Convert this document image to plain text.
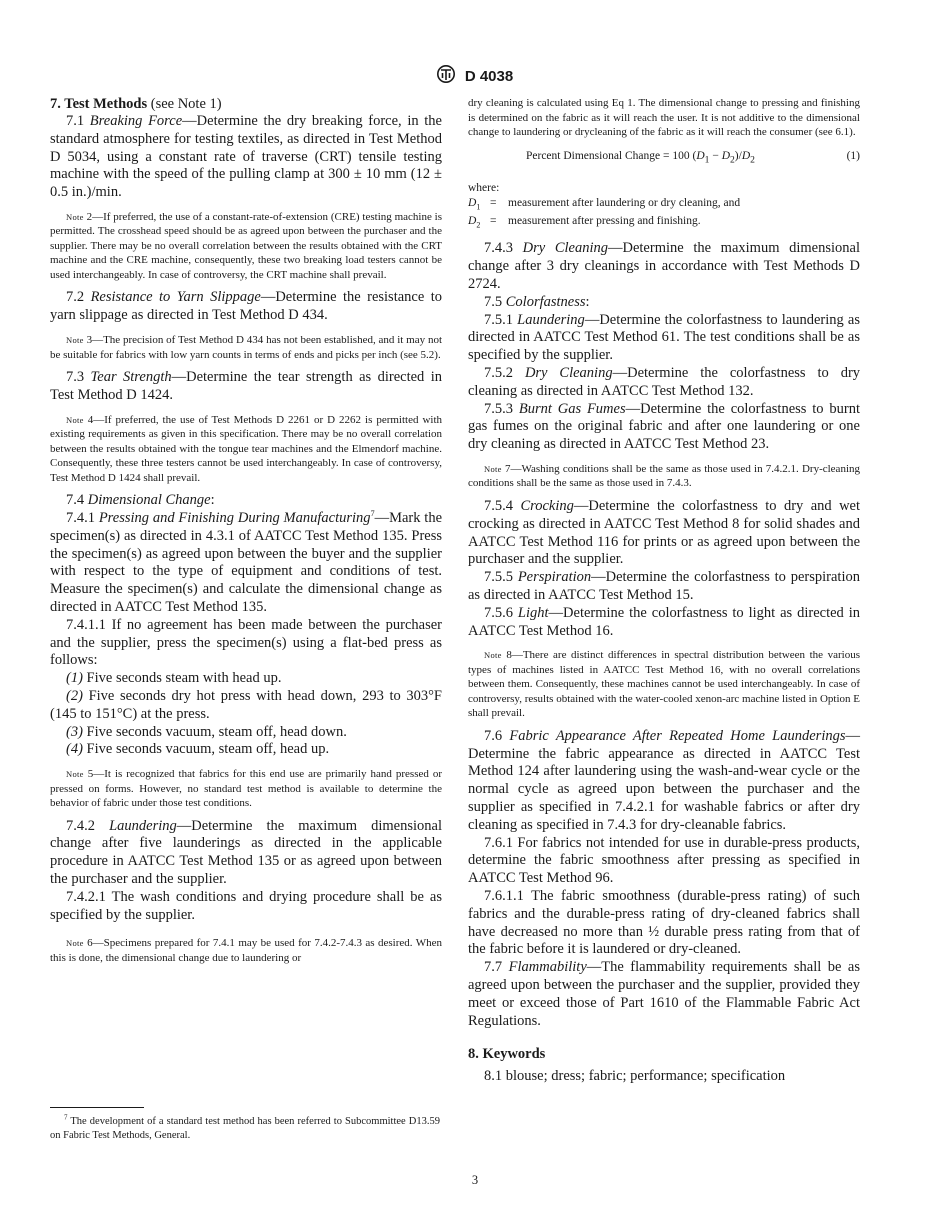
D 4038

7. Test Methods (see Note 1)

7.1 Breaking Force—Determine the dry breaking force, in the standard atmosphere for testing textiles, as directed in Test Method D 5034, using a constant rate of traverse (CRT) tensile testing machine with the speed of the pulling clamp at 300 ± 10 mm (12 ± 0.5 in.)/min.

Note 2—If preferred, the use of a constant-rate-of-extension (CRE) testing machine is permitted. The crosshead speed should be as agreed upon between the purchaser and the supplier. There may be no overall correlation between the results obtained with the CRT machine and the CRE machine, consequently, these two breaking load testers cannot be used interchangeably. In case of controversy, the CRT machine shall prevail.

7.2 Resistance to Yarn Slippage—Determine the resistance to yarn slippage as directed in Test Method D 434.

Note 3—The precision of Test Method D 434 has not been established, and it may not be suitable for fabrics with low yarn counts in terms of ends and picks per inch (see 5.2).

7.3 Tear Strength—Determine the tear strength as directed in Test Method D 1424.

Note 4—If preferred, the use of Test Methods D 2261 or D 2262 is permitted with existing requirements as given in this specification. There may be no overall correlation between the results obtained with the tongue tear machines and the Elmendorf machine. Consequently, these three testers cannot be used interchangeably. In case of controversy, Test Method D 1424 shall prevail.

7.4 Dimensional Change:

7.4.1 Pressing and Finishing During Manufacturing$^7$—Mark the specimen(s) as directed in 4.3.1 of AATCC Test Method 135. Press the specimen(s) as agreed upon between the buyer and the supplier with respect to the type of equipment and conditions of test. Measure the specimen(s) and calculate the dimensional change as directed in AATCC Test Method 135.

7.4.1.1 If no agreement has been made between the purchaser and the supplier, press the specimen(s) using a flat-bed press as follows:

(1) Five seconds steam with head up.

(2) Five seconds dry hot press with head down, 293 to 303°F (145 to 151°C) at the press.

(3) Five seconds vacuum, steam off, head down.

(4) Five seconds vacuum, steam off, head up.

Note 5—It is recognized that fabrics for this end use are primarily hand pressed or pressed on forms. However, no standard test method is available to determine the behavior of fabric under those test conditions.

7.4.2 Laundering—Determine the maximum dimensional change after five launderings as directed in the applicable procedure in AATCC Test Method 135 or as agreed upon between the purchaser and the supplier.

7.4.2.1 The wash conditions and drying procedure shall be as specified by the supplier.

Note 6—Specimens prepared for 7.4.1 may be used for 7.4.2-7.4.3 as desired. When this is done, the dimensional change due to laundering or

dry cleaning is calculated using Eq 1. The dimensional change to pressing and finishing is determined on the fabric as it will reach the user. It is not additive to the dimensional change to laundering or drycleaning of the fabric as it will reach the consumer (see 6.1).

Percent Dimensional Change = 100 $(D_1 - D_2)/D_2$	(1)

where:

$D_1$ =	measurement after laundering or dry cleaning, and
$D_2$ =	measurement after pressing and finishing.

7.4.3 Dry Cleaning—Determine the maximum dimensional change after 3 dry cleanings in accordance with Test Methods D 2724.

7.5 Colorfastness:

7.5.1 Laundering—Determine the colorfastness to laundering as directed in AATCC Test Method 61. The test conditions shall be as specified by the supplier.

7.5.2 Dry Cleaning—Determine the colorfastness to dry cleaning as directed in AATCC Test Method 132.

7.5.3 Burnt Gas Fumes—Determine the colorfastness to burnt gas fumes on the original fabric and after one laundering or one dry cleaning as directed in AATCC Test Method 23.

Note 7—Washing conditions shall be the same as those used in 7.4.2.1. Dry-cleaning conditions shall be the same as those used in 7.4.3.

7.5.4 Crocking—Determine the colorfastness to dry and wet crocking as directed in AATCC Test Method 8 for solid shades and AATCC Test Method 116 for prints or as agreed upon between the purchaser and the supplier.

7.5.5 Perspiration—Determine the colorfastness to perspiration as directed in AATCC Test Method 15.

7.5.6 Light—Determine the colorfastness to light as directed in AATCC Test Method 16.

Note 8—There are distinct differences in spectral distribution between the various types of machines listed in AATCC Test Method 16, with no overall correlations between them. Consequently, these machines cannot be used interchangeably. In case of controversy, results obtained with the water-cooled xenon-arc machine listed in Option E shall prevail.

7.6 Fabric Appearance After Repeated Home Launderings—Determine the fabric appearance as directed in AATCC Test Method 124 after laundering using the wash-and-wear cycle or the normal cycle as agreed upon between the purchaser and the supplier as specified in 7.4.2.1 for washable fabrics or after dry cleaning as specified in 7.4.3 for dry-cleanable fabrics.

7.6.1 For fabrics not intended for use in durable-press products, determine the fabric smoothness after pressing as specified in AATCC Test Method 96.

7.6.1.1 The fabric smoothness (durable-press rating) of such fabrics and the durable-press rating of dry-cleaned fabrics shall have decreased no more than ½ durable press rating from that of the fabric before it is laundered or dry-cleaned.

7.7 Flammability—The flammability requirements shall be as agreed upon between the purchaser and the supplier, provided they meet or exceed those of Part 1610 of the Flammable Fabric Act Regulations.

8. Keywords

8.1 blouse; dress; fabric; performance; specification

$^7$ The development of a standard test method has been referred to Subcommittee D13.59 on Fabric Test Methods, General.
3
